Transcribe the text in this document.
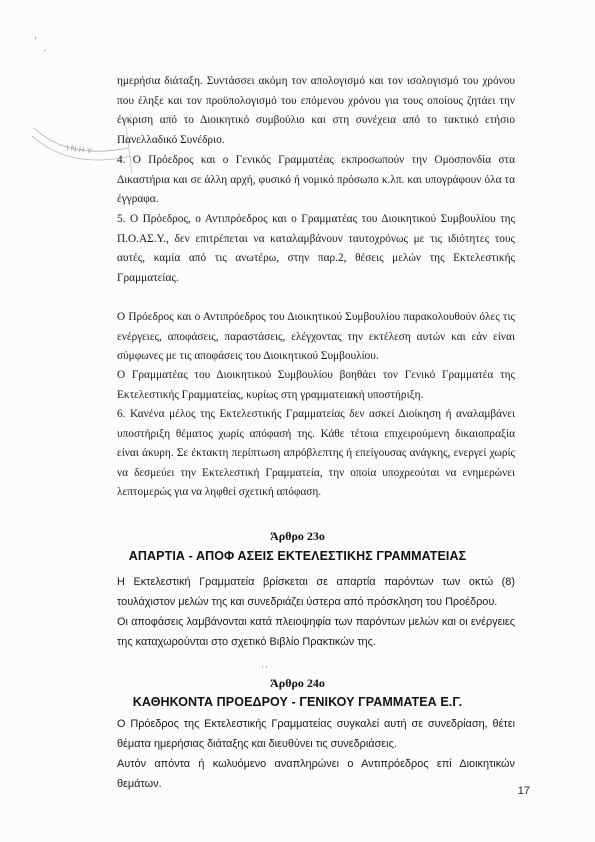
,
'
Ι Ν Η Υ

ημερήσια διάταξη. Συντάσσει ακόμη τον απολογισμό και τον ισολογισμό του χρόνου που έληξε και τον προϋπολογισμό του επόμενου χρόνου για τους οποίους ζητάει την έγκριση από το Διοικητικό συμβούλιο και στη συνέχεια από το τακτικό ετήσιο Πανελλαδικό Συνέδριο.

4. Ο Πρόεδρος και ο Γενικός Γραμματέας εκπροσωπούν την Ομοσπονδία στα Δικαστήρια και σε άλλη αρχή, φυσικό ή νομικό πρόσωπο κ.λπ. και υπογράφουν όλα τα έγγραφα.

5. Ο Πρόεδρος, ο Αντιπρόεδρος και ο Γραμματέας του Διοικητικού Συμβουλίου της Π.Ο.ΑΣ.Υ., δεν επιτρέπεται να καταλαμβάνουν ταυτοχρόνως με τις ιδιότητες τους αυτές, καμία από τις ανωτέρω, στην παρ.2, θέσεις μελών της Εκτελεστικής Γραμματείας.

Ο Πρόεδρος και ο Αντιπρόεδρος του Διοικητικού Συμβουλίου παρακολουθούν όλες τις ενέργειες, αποφάσεις, παραστάσεις, ελέγχοντας την εκτέλεση αυτών και εάν είναι σύμφωνες με τις αποφάσεις του Διοικητικού Συμβουλίου.

Ο Γραμματέας του Διοικητικού Συμβουλίου βοηθάει τον Γενικό Γραμματέα της Εκτελεστικής Γραμματείας, κυρίως στη γραμματειακή υποστήριξη.

6. Κανένα μέλος της Εκτελεστικής Γραμματείας δεν ασκεί Διοίκηση ή αναλαμβάνει υποστήριξη θέματος χωρίς απόφασή της. Κάθε τέτοια επιχειρούμενη δικαιοπραξία είναι άκυρη. Σε έκτακτη περίπτωση απρόβλεπτης ή επείγουσας ανάγκης, ενεργεί χωρίς να δεσμεύει την Εκτελεστική Γραμματεία, την οποία υποχρεούται να ενημερώνει λεπτομερώς για να ληφθεί σχετική απόφαση.

Άρθρο 23ο

ΑΠΑΡΤΙΑ - ΑΠΟΦ ΑΣΕΙΣ ΕΚΤΕΛΕΣΤΙΚΗΣ ΓΡΑΜΜΑΤΕΙΑΣ

Η Εκτελεστική Γραμματεία βρίσκεται σε απαρτία παρόντων των οκτώ (8) τουλάχιστον μελών της και συνεδριάζει ύστερα από πρόσκληση του Προέδρου.

Οι αποφάσεις λαμβάνονται κατά πλειοψηφία των παρόντων μελών και οι ενέργειες της καταχωρούνται στο σχετικό Βιβλίο Πρακτικών της.

' ′

Άρθρο 24ο

ΚΑΘΗΚΟΝΤΑ ΠΡΟΕΔΡΟΥ - ΓΕΝΙΚΟΥ ΓΡΑΜΜΑΤΕΑ Ε.Γ.

Ο Πρόεδρος της Εκτελεστικής Γραμματείας συγκαλεί αυτή σε συνεδρίαση, θέτει θέματα ημερήσιας διάταξης και διευθύνει τις συνεδριάσεις.

Αυτόν απόντα ή κωλυόμενο αναπληρώνει ο Αντιπρόεδρος επί Διοικητικών θεμάτων.

17
